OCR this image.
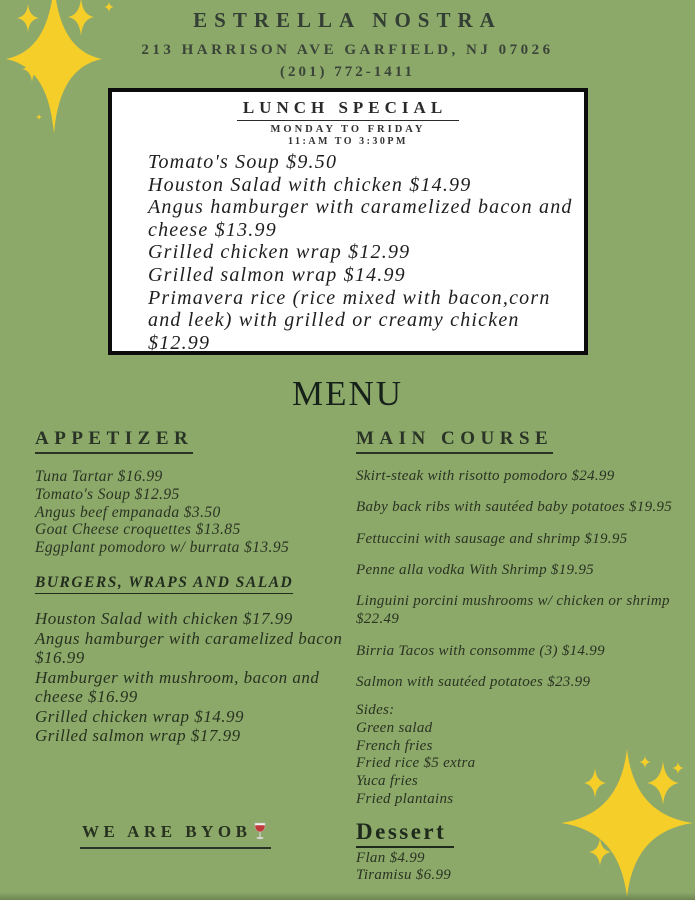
ESTRELLA NOSTRA
213 HARRISON AVE GARFIELD, NJ 07026
(201) 772-1411
LUNCH SPECIAL
MONDAY TO FRIDAY
11:AM TO 3:30PM
Tomato's Soup $9.50
Houston Salad with chicken $14.99
Angus hamburger with caramelized bacon and cheese $13.99
Grilled chicken wrap $12.99
Grilled salmon wrap $14.99
Primavera rice (rice mixed with bacon,corn and leek) with grilled or creamy chicken $12.99
MENU
APPETIZER
Tuna Tartar $16.99
Tomato's Soup $12.95
Angus beef empanada $3.50
Goat Cheese croquettes $13.85
Eggplant pomodoro w/ burrata $13.95
BURGERS, WRAPS AND SALAD
Houston Salad with chicken $17.99
Angus hamburger with caramelized bacon $16.99
Hamburger with mushroom, bacon and cheese $16.99
Grilled chicken wrap $14.99
Grilled salmon wrap $17.99
MAIN COURSE
Skirt-steak with risotto pomodoro $24.99
Baby back ribs with sautéed baby potatoes $19.95
Fettuccini with sausage and shrimp $19.95
Penne alla vodka With Shrimp $19.95
Linguini porcini mushrooms w/ chicken or shrimp $22.49
Birria Tacos with consomme (3) $14.99
Salmon with sautéed potatoes $23.99
Sides:
Green salad
French fries
Fried rice $5 extra
Yuca fries
Fried plantains
Dessert
Flan $4.99
Tiramisu $6.99
WE ARE BYOB
